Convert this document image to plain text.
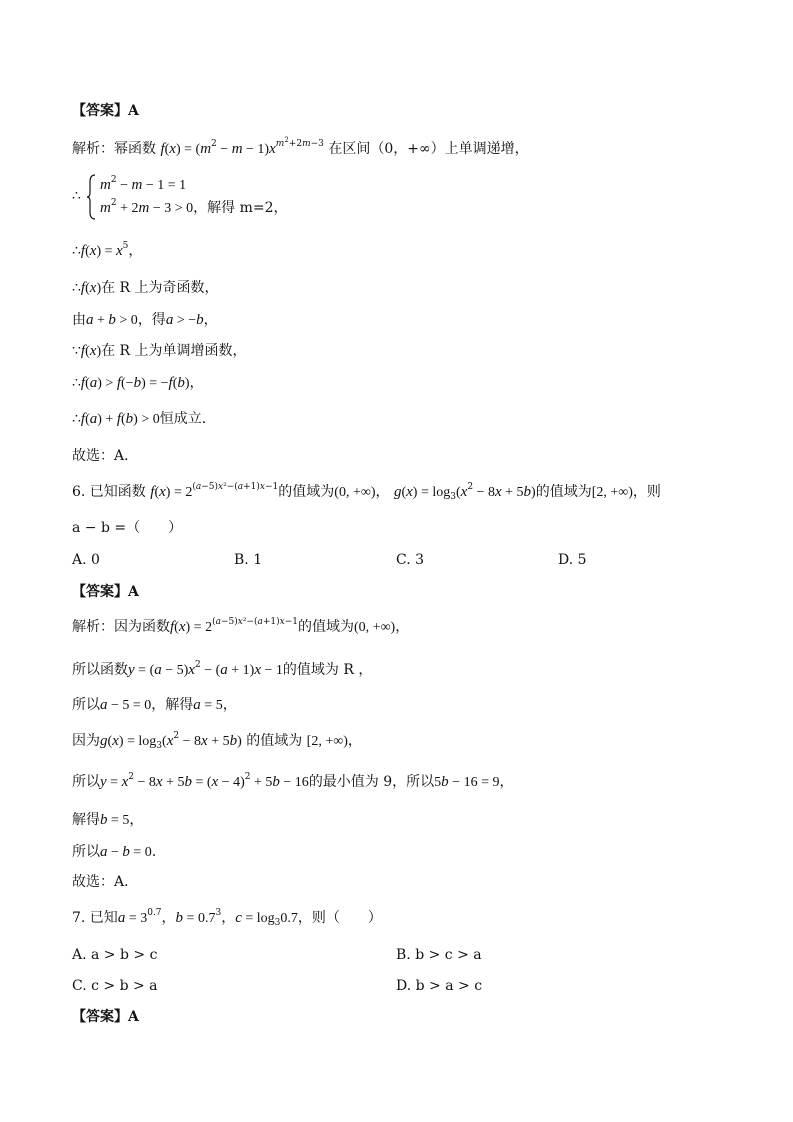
【答案】A
解析：幂函数 $f(x) = (m^2 - m - 1)x^{m^2+2m-3}$ 在区间（0，+∞）上单调递增，
∴
$m^2 - m - 1 = 1$
$m^2 + 2m - 3 > 0$，解得 m=2，
∴f(x) = $x^5$，
∴f(x)在 R 上为奇函数，
由a + b > 0，得a > −b，
∵f(x)在 R 上为单调增函数，
∴f(a) > f(−b) = −f(b)，
∴f(a) + f(b) > 0恒成立．
故选：A．
6. 已知函数 $f(x) = 2^{(a-5)x^2-(a+1)x-1}$的值域为(0, +∞)， $g(x) = \log_3(x^2 - 8x + 5b)$的值域为[2, +∞)，则
a − b =（　　）
A. 0	B. 1	C. 3	D. 5
【答案】A
解析：因为函数$f(x) = 2^{(a-5)x^2-(a+1)x-1}$的值域为(0, +∞)，
所以函数$y = (a - 5)x^2 - (a + 1)x - 1$的值域为 R ，
所以a − 5 = 0，解得a = 5，
因为$g(x) = \log_3(x^2 - 8x + 5b)$ 的值域为 [2, +∞)，
所以$y = x^2 - 8x + 5b = (x - 4)^2 + 5b - 16$的最小值为 9，所以5b − 16 = 9，
解得b = 5，
所以a − b = 0．
故选：A．
7. 已知$a = 3^{0.7}$，$b = 0.7^3$，$c = \log_30.7$，则（　　）
A. a > b > c	B. b > c > a
C. c > b > a	D. b > a > c
【答案】A
